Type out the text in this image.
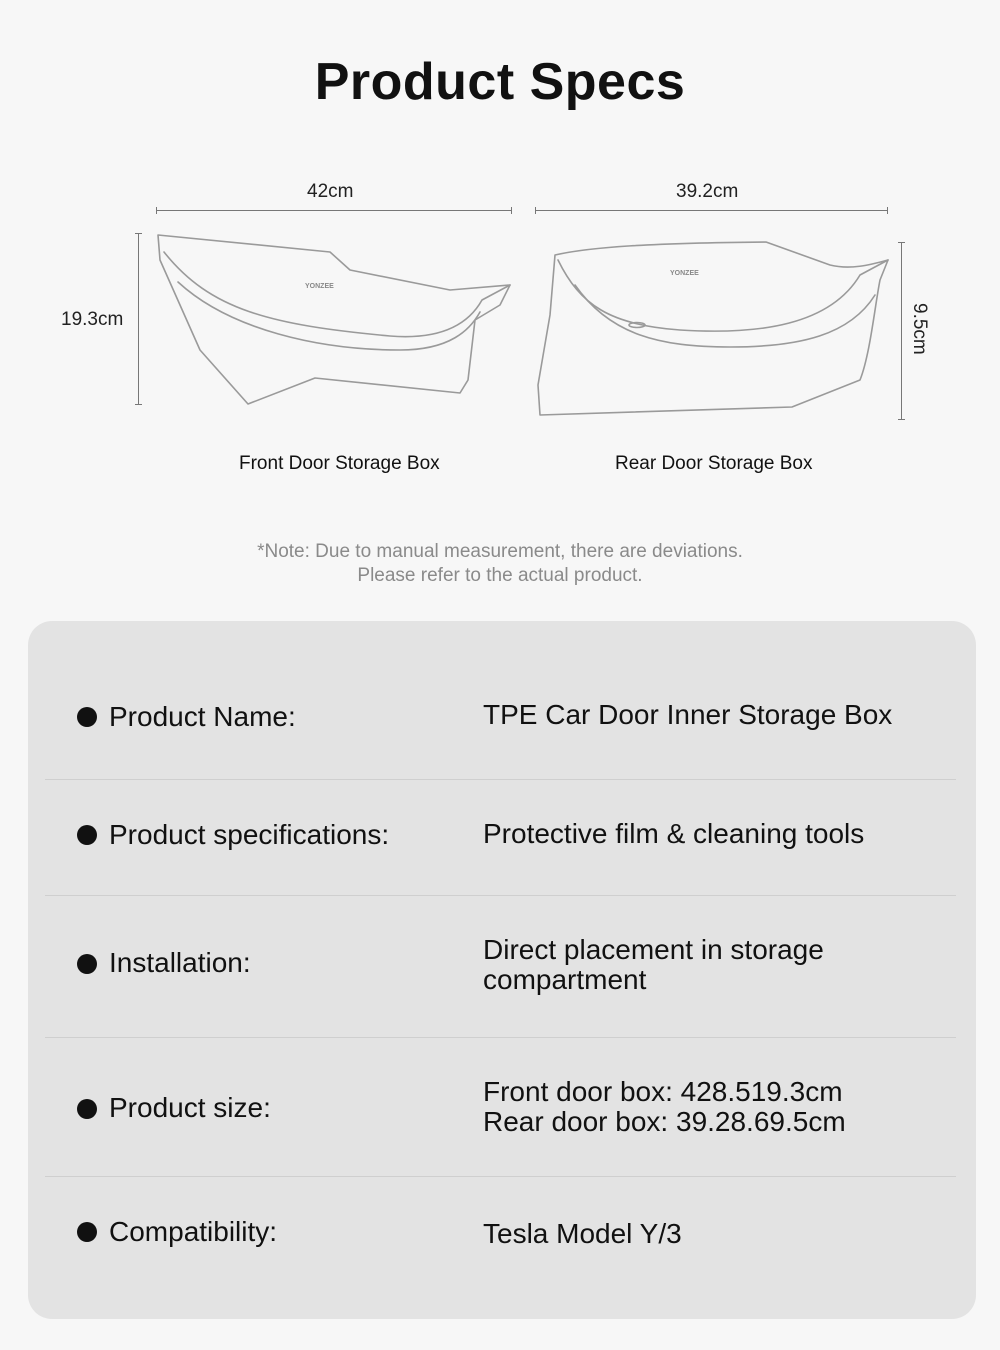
Product Specs
42cm
19.3cm
YONZEE
Front Door Storage Box
39.2cm
9.5cm
YONZEE
Rear Door Storage Box
*Note: Due to manual measurement, there are deviations.
Please refer to the actual product.
Product Name:	TPE Car Door Inner Storage Box
Product specifications:	Protective film & cleaning tools
Installation:	Direct placement in storage
compartment
Product size:
Front door box: 428.519.3cm
Rear door box: 39.28.69.5cm
Compatibility:	Tesla Model Y/3
